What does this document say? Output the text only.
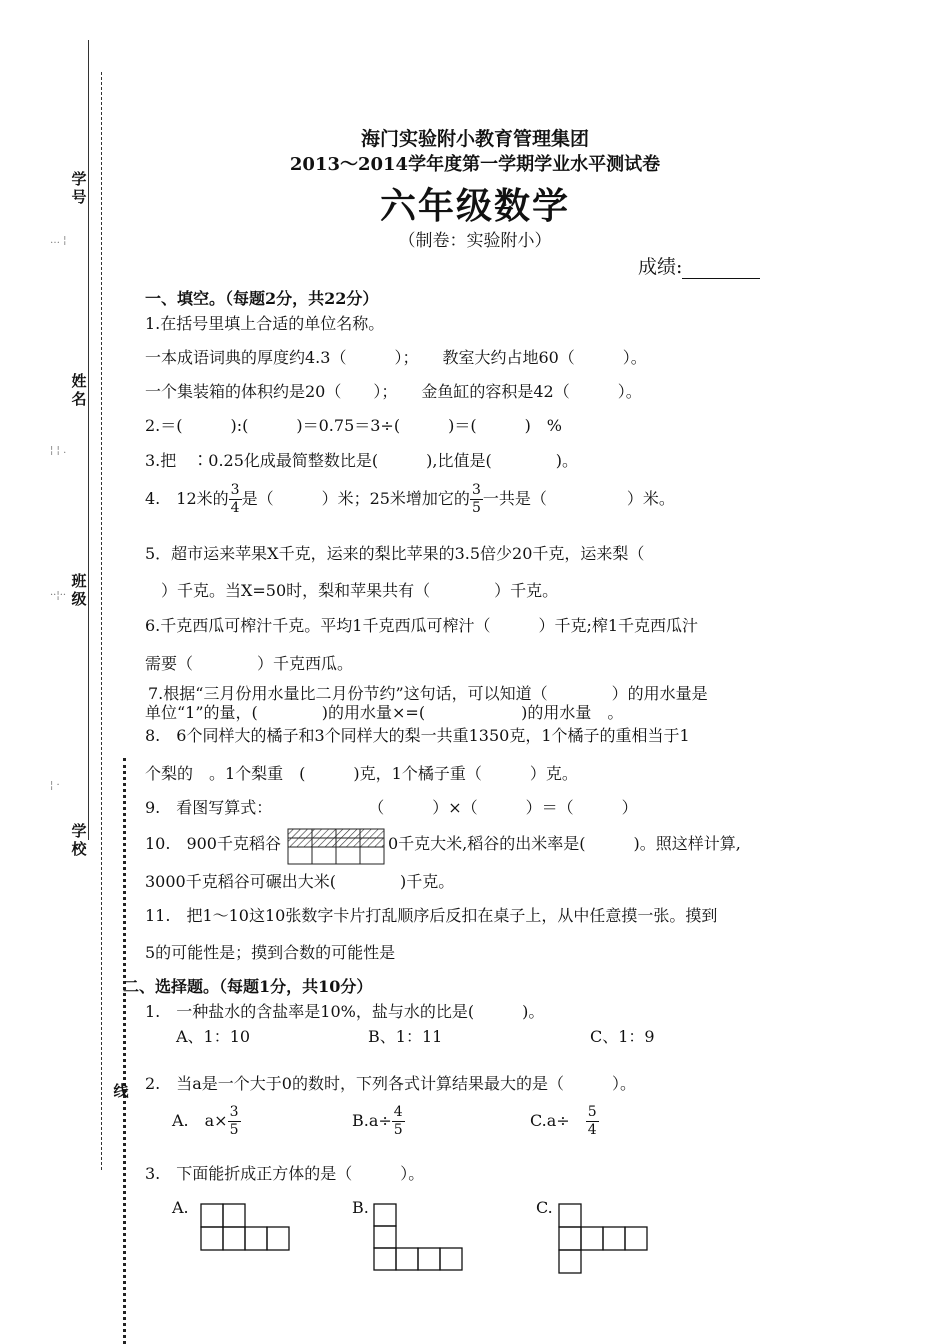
学 号
姓 名
班 级
学校
线
… ¦
¦ ¦ .
··¦··
¦ ·
海门实验附小教育管理集团
2013～2014学年度第一学期学业水平测试卷
六年级数学
（制卷：实验附小）
成绩:
一、填空。（每题2分，共22分）
1.在括号里填上合适的单位名称。
一本成语词典的厚度约4.3（　　　）；　　教室大约占地60（　　　）。
一个集装箱的体积约是20（　　）；　　金鱼缸的容积是42（　　　）。
2.＝(　　　):(　　　)＝0.75＝3÷(　　　)＝(　　　)　%
3.把　∶0.25化成最简整数比是(　　　),比值是(　　　　)。
4.　12米的 $\frac{3}{4}$ 是（　　　）米；25米增加它的 $\frac{3}{5}$ 一共是（　　　　　）米。
5．超市运来苹果X千克，运来的梨比苹果的3.5倍少20千克，运来梨（
　）千克。当X=50时，梨和苹果共有（　　　　）千克。
6.千克西瓜可榨汁千克。平均1千克西瓜可榨汁（　　　）千克;榨1千克西瓜汁
需要（　　　　）千克西瓜。
7.根据“三月份用水量比二月份节约”这句话，可以知道（　　　　）的用水量是
单位“1”的量，(　　　　)的用水量×=(　　　　　　)的用水量　。
8.　6个同样大的橘子和3个同样大的梨一共重1350克，1个橘子的重相当于1
个梨的　。1个梨重　(　　　)克，1个橘子重（　　　）克。
9.　看图写算式：　　　　　　　（　　　）×（　　　）＝（　　　）
10.　900千克稻谷	0千克大米,稻谷的出米率是(　　　)。照这样计算,
3000千克稻谷可碾出大米(　　　　)千克。
11.　把1～10这10张数字卡片打乱顺序后反扣在桌子上，从中任意摸一张。摸到
5的可能性是；摸到合数的可能性是
二、选择题。（每题1分，共10分）
1.　一种盐水的含盐率是10%，盐与水的比是(　　　)。
A、1：10	B、1：11	C、1：9
2.　当a是一个大于0的数时，下列各式计算结果最大的是（　　　）。
A.　$a\times \frac{3}{5}$	$B.a\div \frac{4}{5}$	C.a÷　 $\frac{5}{4}$
3.　下面能折成正方体的是（　　　）。
A.	B.	C.
